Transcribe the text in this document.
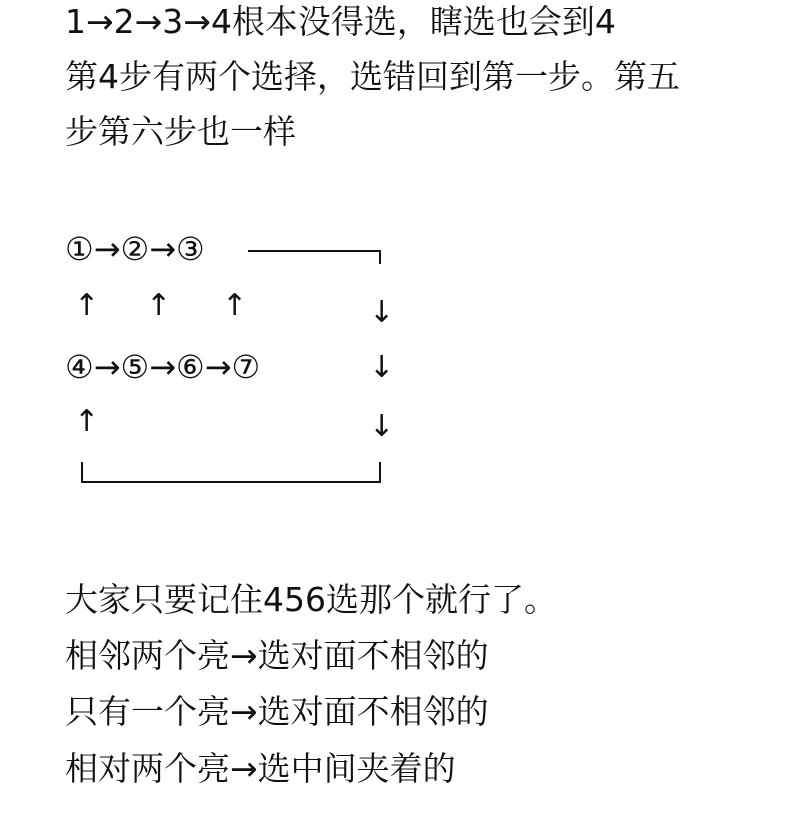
1→2→3→4根本没得选，瞎选也会到4
第4步有两个选择，选错回到第一步。第五
步第六步也一样
①→②→③
↑ ↑ ↑	↓
④→⑤→⑥→⑦	↓
↑	↓
大家只要记住456选那个就行了。
相邻两个亮→选对面不相邻的
只有一个亮→选对面不相邻的
相对两个亮→选中间夹着的
